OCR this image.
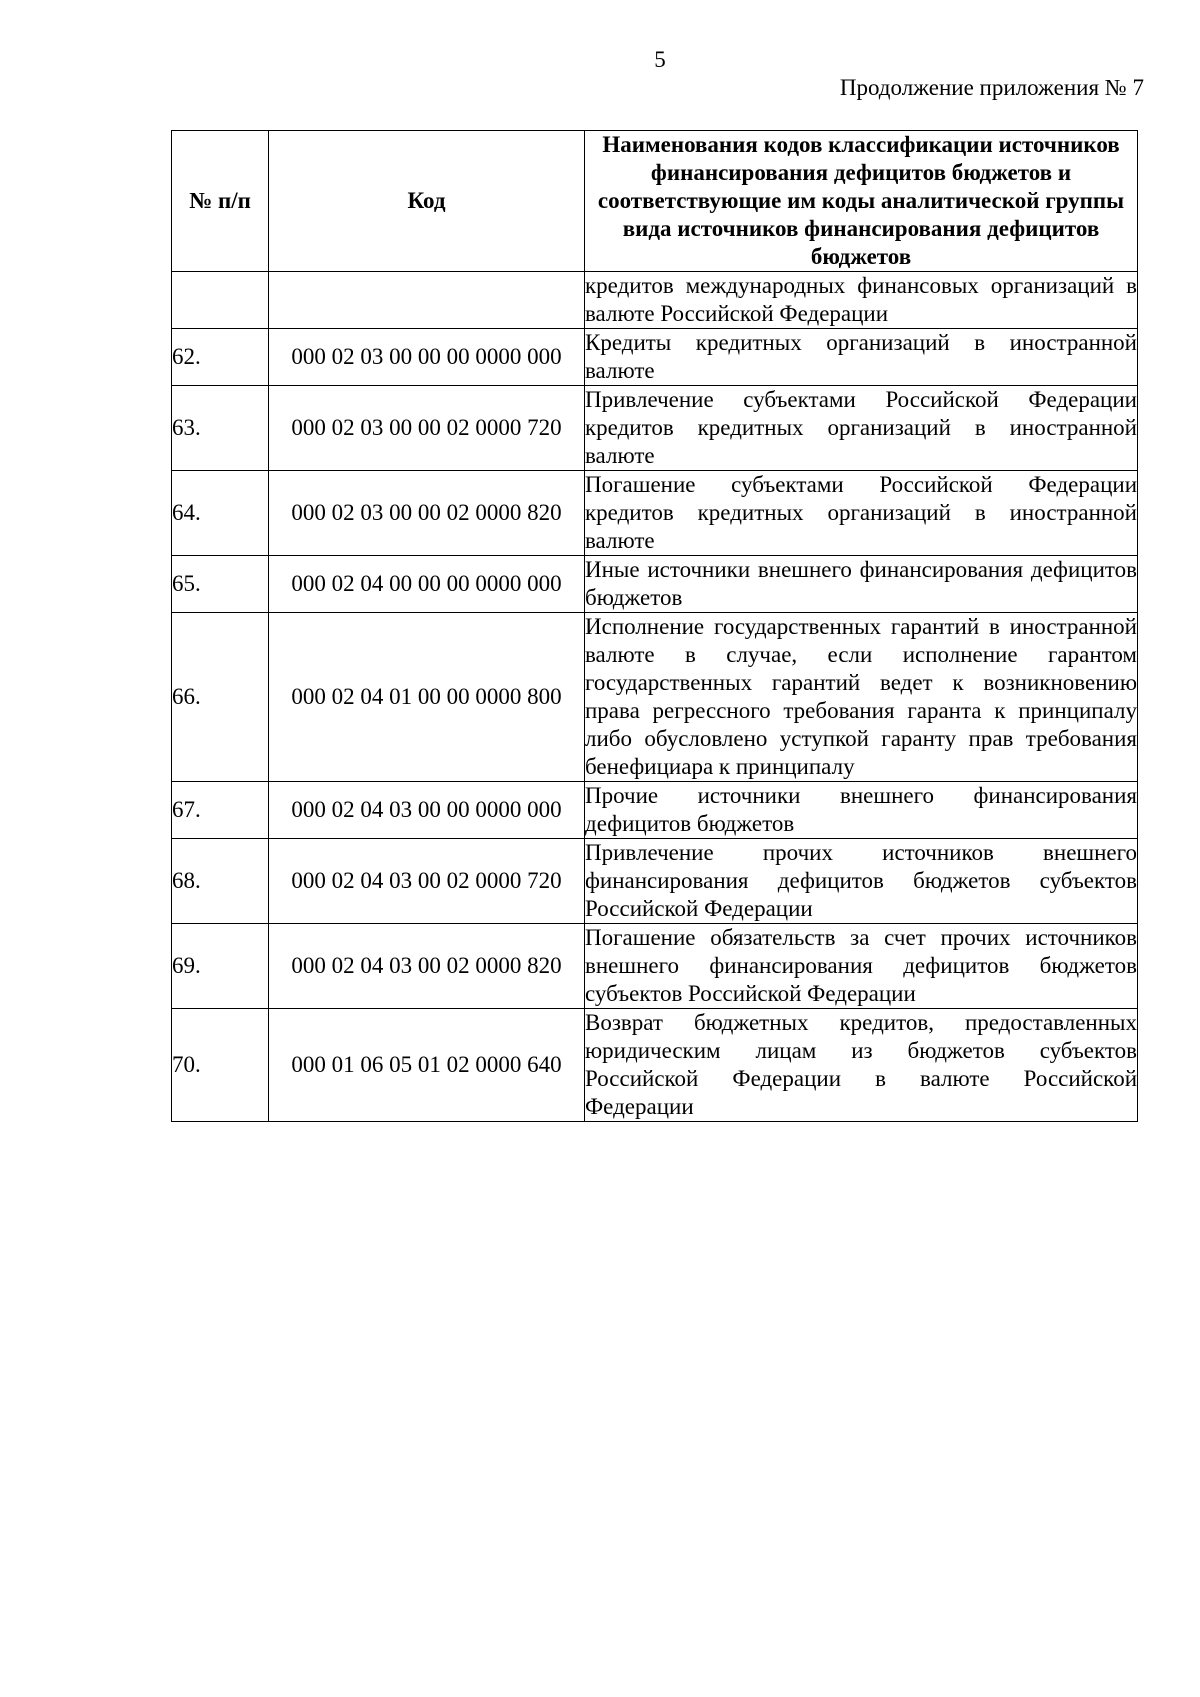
5
Продолжение приложения № 7
№ п/п	Код	Наименования кодов классификации источников финансирования дефицитов бюджетов и соответствующие им коды аналитической группы вида источников финансирования дефицитов бюджетов
		кредитов международных финансовых организаций в валюте Российской Федерации
62.	000 02 03 00 00 00 0000 000	Кредиты кредитных организаций в иностранной валюте
63.	000 02 03 00 00 02 0000 720	Привлечение субъектами Российской Федерации кредитов кредитных организаций в иностранной валюте
64.	000 02 03 00 00 02 0000 820	Погашение субъектами Российской Федерации кредитов кредитных организаций в иностранной валюте
65.	000 02 04 00 00 00 0000 000	Иные источники внешнего финансирования дефицитов бюджетов
66.	000 02 04 01 00 00 0000 800	Исполнение государственных гарантий в иностранной валюте в случае, если исполнение гарантом государственных гарантий ведет к возникновению права регрессного требования гаранта к принципалу либо обусловлено уступкой гаранту прав требования бенефициара к принципалу
67.	000 02 04 03 00 00 0000 000	Прочие источники внешнего финансирования дефицитов бюджетов
68.	000 02 04 03 00 02 0000 720	Привлечение прочих источников внешнего финансирования дефицитов бюджетов субъектов Российской Федерации
69.	000 02 04 03 00 02 0000 820	Погашение обязательств за счет прочих источников внешнего финансирования дефицитов бюджетов субъектов Российской Федерации
70.	000 01 06 05 01 02 0000 640	Возврат бюджетных кредитов, предоставленных юридическим лицам из бюджетов субъектов Российской Федерации в валюте Российской Федерации
